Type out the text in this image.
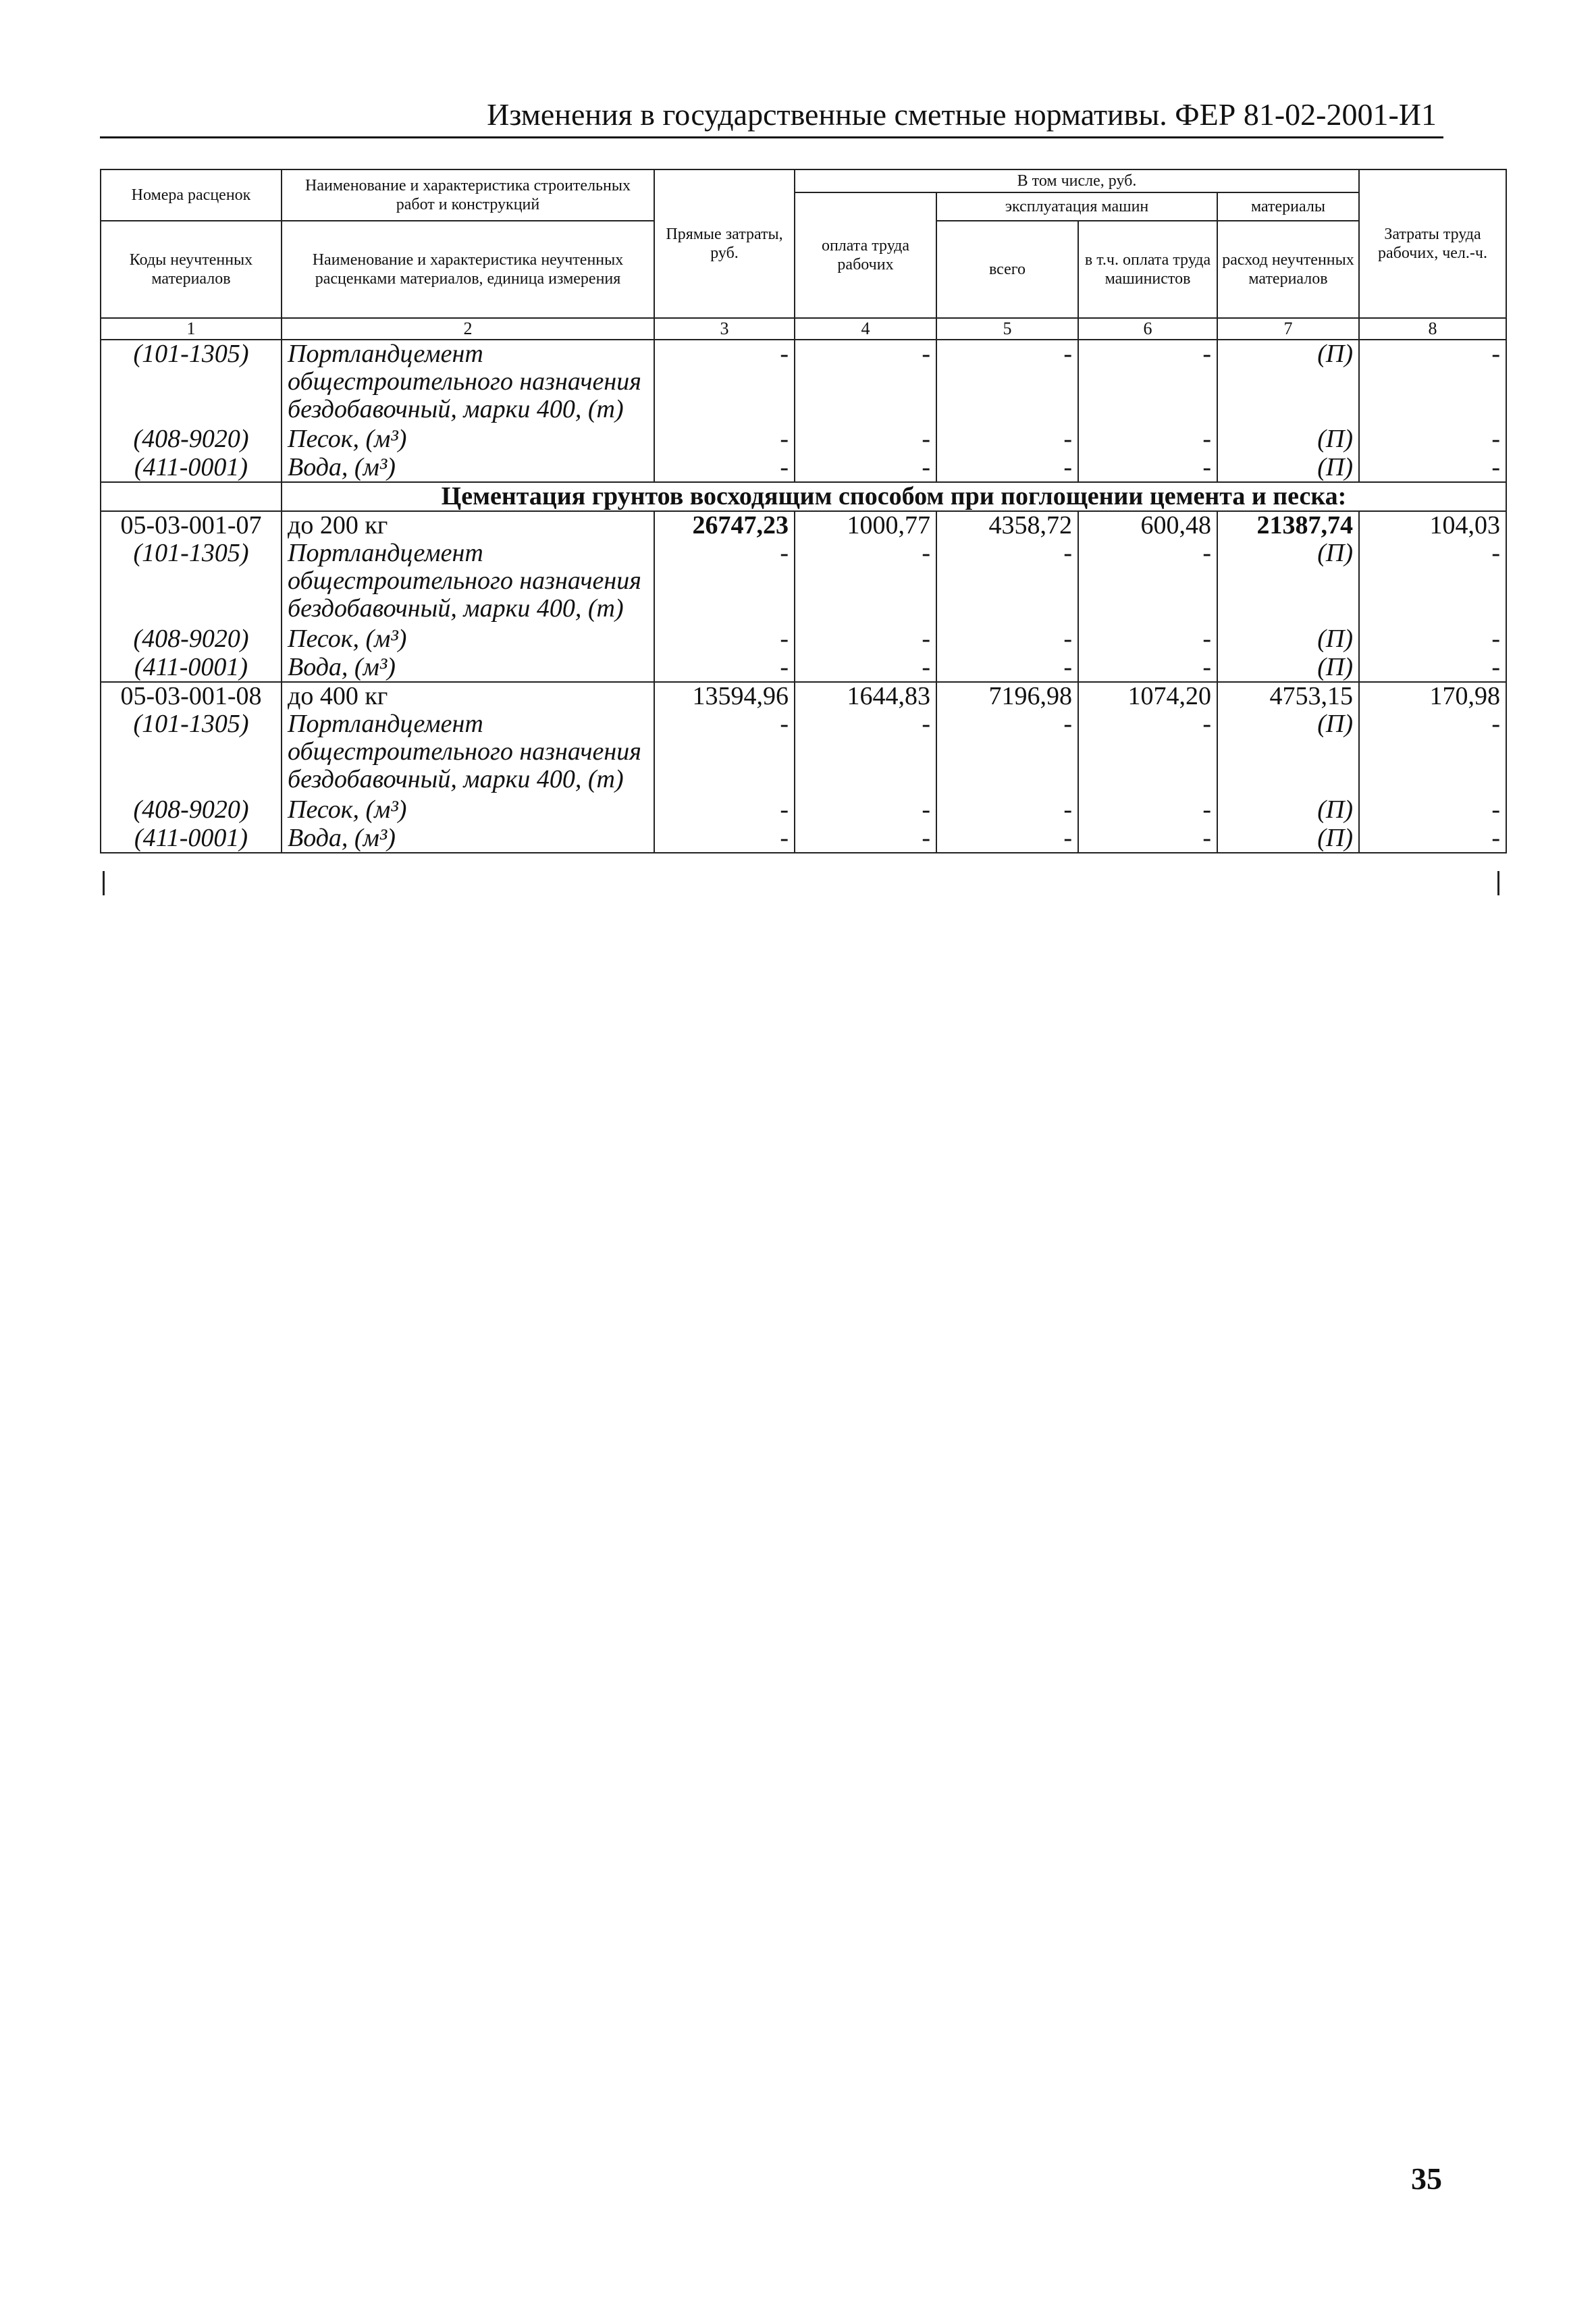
Изменения в государственные сметные нормативы. ФЕР 81-02-2001-И1
Номера расценок	Наименование и характеристика строительных работ и конструкций	Прямые затраты, руб.	В том числе, руб.				Затраты труда рабочих, чел.-ч.
			оплата труда рабочих	эксплуатация машин		материалы	
Коды неучтенных материалов	Наименование и характеристика неучтенных расценками материалов, единица измерения			всего	в т.ч. оплата труда машинистов	расход неучтенных материалов	

1	2	3	4	5	6	7	8
(101-1305)	Портландцемент общестроительного назначения бездобавочный, марки 400, (т)	-	-	-	-	(П)	-
(408-9020)	Песок, (м³)	-	-	-	-	(П)	-
(411-0001)	Вода, (м³)	-	-	-	-	(П)	-
	Цементация грунтов восходящим способом при поглощении цемента и песка:						
05-03-001-07	до 200 кг	26747,23	1000,77	4358,72	600,48	21387,74	104,03
(101-1305)	Портландцемент общестроительного назначения бездобавочный, марки 400, (т)	-	-	-	-	(П)	-
(408-9020)	Песок, (м³)	-	-	-	-	(П)	-
(411-0001)	Вода, (м³)	-	-	-	-	(П)	-
05-03-001-08	до 400 кг	13594,96	1644,83	7196,98	1074,20	4753,15	170,98
(101-1305)	Портландцемент общестроительного назначения бездобавочный, марки 400, (т)	-	-	-	-	(П)	-
(408-9020)	Песок, (м³)	-	-	-	-	(П)	-
(411-0001)	Вода, (м³)	-	-	-	-	(П)	-
35
